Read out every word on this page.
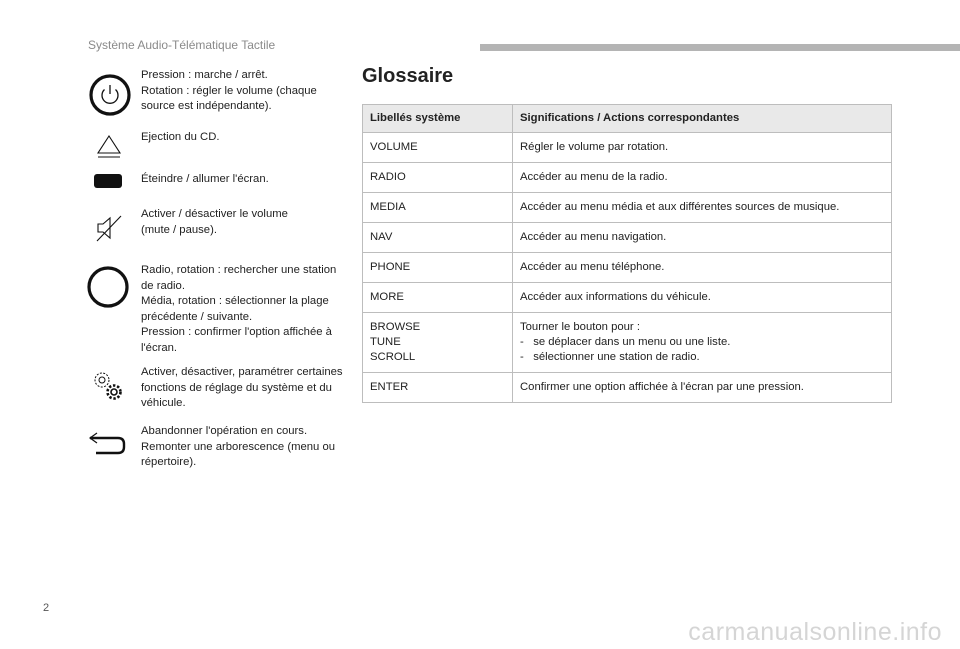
Système Audio-Télématique Tactile
Pression : marche / arrêt.
Rotation : régler le volume (chaque source est indépendante).
Ejection du CD.
Éteindre / allumer l'écran.
Activer / désactiver le volume
(mute / pause).
Radio, rotation : rechercher une station de radio.
Média, rotation : sélectionner la plage précédente / suivante.
Pression : confirmer l'option affichée à l'écran.
Activer, désactiver, paramétrer certaines fonctions de réglage du système et du véhicule.
Abandonner l'opération en cours.
Remonter une arborescence (menu ou répertoire).
Glossaire
Libellés système	Significations / Actions correspondantes
VOLUME	Régler le volume par rotation.
RADIO	Accéder au menu de la radio.
MEDIA	Accéder au menu média et aux différentes sources de musique.
NAV	Accéder au menu navigation.
PHONE	Accéder au menu téléphone.
MORE	Accéder aux informations du véhicule.
BROWSE
TUNE
SCROLL	Tourner le bouton pour :
-   se déplacer dans un menu ou une liste.
-   sélectionner une station de radio.

ENTER	Confirmer une option affichée à l'écran par une pression.
2
carmanualsonline.info
